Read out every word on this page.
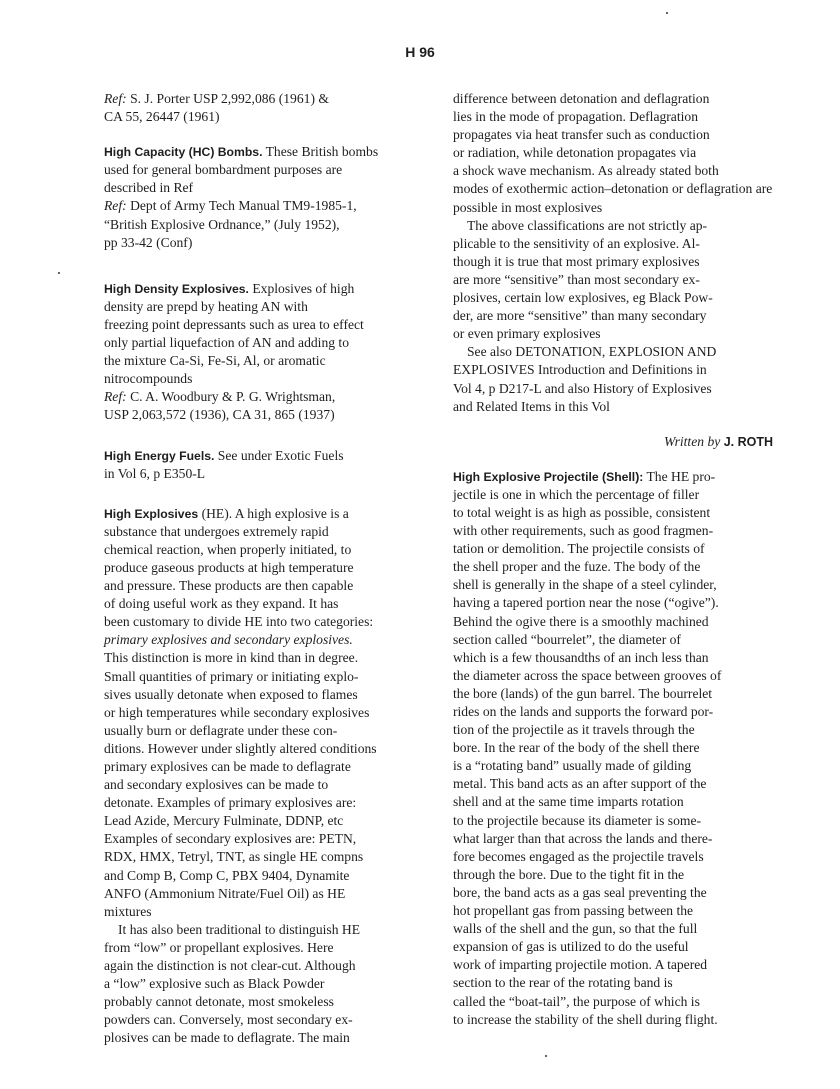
H 96
Ref: S. J. Porter USP 2,992,086 (1961) &
CA 55, 26447 (1961)
High Capacity (HC) Bombs. These British bombs
used for general bombardment purposes are
described in Ref
Ref: Dept of Army Tech Manual TM9-1985-1,
“British Explosive Ordnance,” (July 1952),
pp 33-42 (Conf)
High Density Explosives. Explosives of high
density are prepd by heating AN with
freezing point depressants such as urea to effect
only partial liquefaction of AN and adding to
the mixture Ca-Si, Fe-Si, Al, or aromatic
nitrocompounds
Ref: C. A. Woodbury & P. G. Wrightsman,
USP 2,063,572 (1936), CA 31, 865 (1937)
High Energy Fuels. See under Exotic Fuels
in Vol 6, p E350-L
High Explosives (HE). A high explosive is a
substance that undergoes extremely rapid
chemical reaction, when properly initiated, to
produce gaseous products at high temperature
and pressure. These products are then capable
of doing useful work as they expand. It has
been customary to divide HE into two categories:
primary explosives and secondary explosives.
This distinction is more in kind than in degree.
Small quantities of primary or initiating explo-
sives usually detonate when exposed to flames
or high temperatures while secondary explosives
usually burn or deflagrate under these con-
ditions. However under slightly altered conditions
primary explosives can be made to deflagrate
and secondary explosives can be made to
detonate. Examples of primary explosives are:
Lead Azide, Mercury Fulminate, DDNP, etc
Examples of secondary explosives are: PETN,
RDX, HMX, Tetryl, TNT, as single HE compns
and Comp B, Comp C, PBX 9404, Dynamite
ANFO (Ammonium Nitrate/Fuel Oil) as HE
mixtures
It has also been traditional to distinguish HE
from “low” or propellant explosives. Here
again the distinction is not clear-cut. Although
a “low” explosive such as Black Powder
probably cannot detonate, most smokeless
powders can. Conversely, most secondary ex-
plosives can be made to deflagrate. The main
difference between detonation and deflagration
lies in the mode of propagation. Deflagration
propagates via heat transfer such as conduction
or radiation, while detonation propagates via
a shock wave mechanism. As already stated both
modes of exothermic action–detonation or deflagration are
possible in most explosives
The above classifications are not strictly ap-
plicable to the sensitivity of an explosive. Al-
though it is true that most primary explosives
are more “sensitive” than most secondary ex-
plosives, certain low explosives, eg Black Pow-
der, are more “sensitive” than many secondary
or even primary explosives
See also DETONATION, EXPLOSION AND
EXPLOSIVES Introduction and Definitions in
Vol 4, p D217-L and also History of Explosives
and Related Items in this Vol
Written by J. ROTH
High Explosive Projectile (Shell): The HE pro-
jectile is one in which the percentage of filler
to total weight is as high as possible, consistent
with other requirements, such as good fragmen-
tation or demolition. The projectile consists of
the shell proper and the fuze. The body of the
shell is generally in the shape of a steel cylinder,
having a tapered portion near the nose (“ogive”).
Behind the ogive there is a smoothly machined
section called “bourrelet”, the diameter of
which is a few thousandths of an inch less than
the diameter across the space between grooves of
the bore (lands) of the gun barrel. The bourrelet
rides on the lands and supports the forward por-
tion of the projectile as it travels through the
bore. In the rear of the body of the shell there
is a “rotating band” usually made of gilding
metal. This band acts as an after support of the
shell and at the same time imparts rotation
to the projectile because its diameter is some-
what larger than that across the lands and there-
fore becomes engaged as the projectile travels
through the bore. Due to the tight fit in the
bore, the band acts as a gas seal preventing the
hot propellant gas from passing between the
walls of the shell and the gun, so that the full
expansion of gas is utilized to do the useful
work of imparting projectile motion. A tapered
section to the rear of the rotating band is
called the “boat-tail”, the purpose of which is
to increase the stability of the shell during flight.
